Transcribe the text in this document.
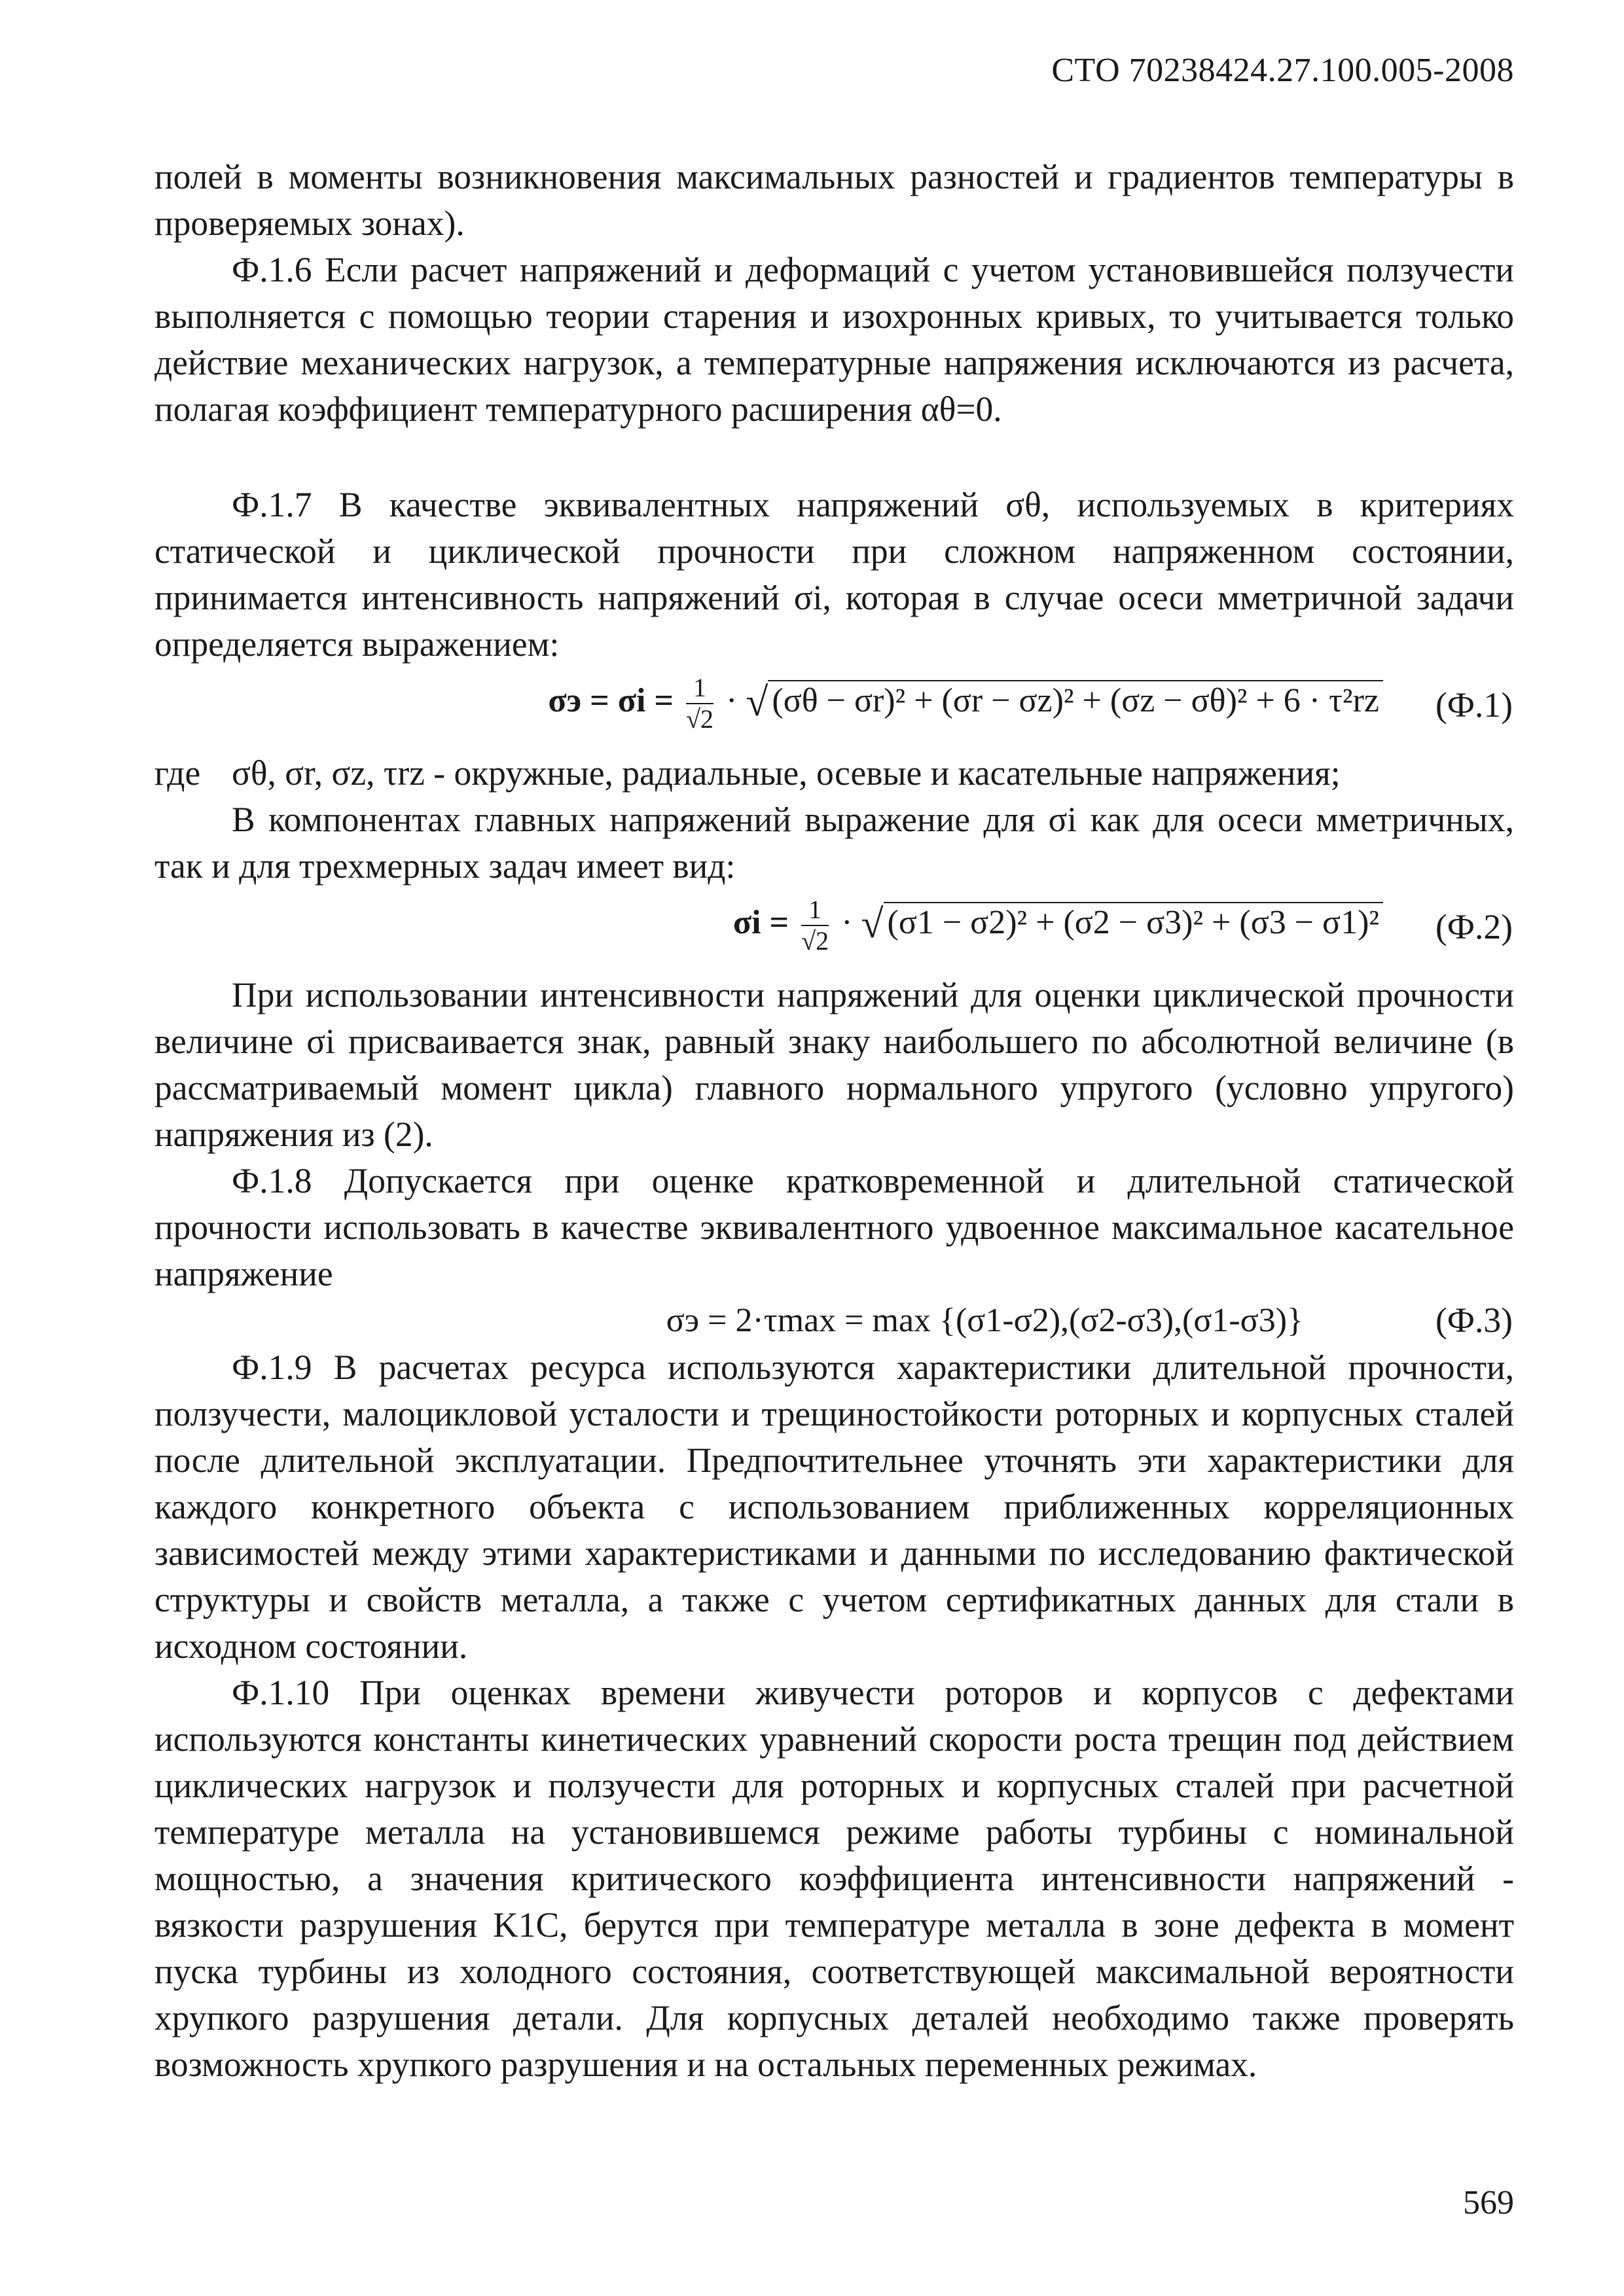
СТО 70238424.27.100.005-2008

полей в моменты возникновения максимальных разностей и градиентов температуры в проверяемых зонах).

Ф.1.6 Если расчет напряжений и деформаций с учетом установившейся ползучести выполняется с помощью теории старения и изохронных кривых, то учитывается только действие механических нагрузок, а температурные напряжения исключаются из расчета, полагая коэффициент температурного расширения αθ=0.

Ф.1.7 В качестве эквивалентных напряжений σθ, используемых в критериях статической и циклической прочности при сложном напряженном состоянии, принимается интенсивность напряжений σi, которая в случае осеси мметричной задачи определяется выражением:

$\sigma э = \sigma i = \frac{1}{√2}$ · √ (σθ − σr)² + (σr − σz)² + (σz − σθ)² + 6 · τ²rz (Ф.1)

где σθ, σr, σz, τrz - окружные, радиальные, осевые и касательные напряжения;

В компонентах главных напряжений выражение для σi как для осеси мметричных, так и для трехмерных задач имеет вид:

$\sigma i = \frac{1}{√2}$ · √ (σ1 − σ2)² + (σ2 − σ3)² + (σ3 − σ1)² (Ф.2)

При использовании интенсивности напряжений для оценки циклической прочности величине σi присваивается знак, равный знаку наибольшего по абсолютной величине (в рассматриваемый момент цикла) главного нормального упругого (условно упругого) напряжения из (2).

Ф.1.8 Допускается при оценке кратковременной и длительной статической прочности использовать в качестве эквивалентного удвоенное максимальное касательное напряжение

σэ = 2·τmax = max {(σ1-σ2),(σ2-σ3),(σ1-σ3)}	(Ф.3)

Ф.1.9 В расчетах ресурса используются характеристики длительной прочности, ползучести, малоцикловой усталости и трещиностойкости роторных и корпусных сталей после длительной эксплуатации. Предпочтительнее уточнять эти характеристики для каждого конкретного объекта с использованием приближенных корреляционных зависимостей между этими характеристиками и данными по исследованию фактической структуры и свойств металла, а также с учетом сертификатных данных для стали в исходном состоянии.

Ф.1.10 При оценках времени живучести роторов и корпусов с дефектами используются константы кинетических уравнений скорости роста трещин под действием циклических нагрузок и ползучести для роторных и корпусных сталей при расчетной температуре металла на установившемся режиме работы турбины с номинальной мощностью, а значения критического коэффициента интенсивности напряжений - вязкости разрушения K1C, берутся при температуре металла в зоне дефекта в момент пуска турбины из холодного состояния, соответствующей максимальной вероятности хрупкого разрушения детали. Для корпусных деталей необходимо также проверять возможность хрупкого разрушения и на остальных переменных режимах.

569
